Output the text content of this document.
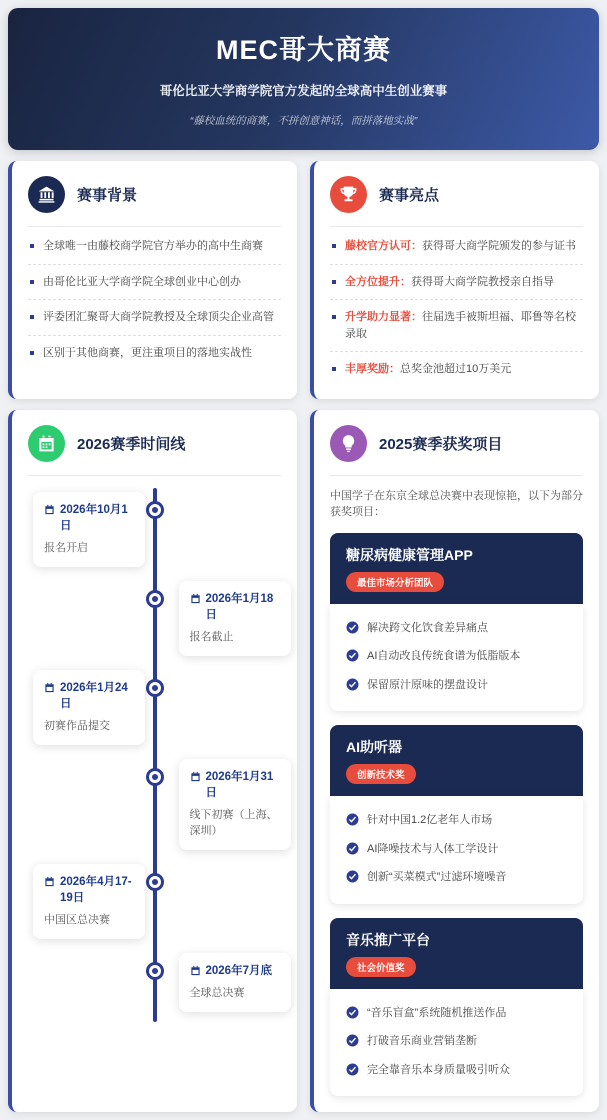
MEC哥大商赛
哥伦比亚大学商学院官方发起的全球高中生创业赛事
“藤校血统的商赛，不拼创意神话，而拼落地实战”
赛事背景
全球唯一由藤校商学院官方举办的高中生商赛
由哥伦比亚大学商学院全球创业中心创办
评委团汇聚哥大商学院教授及全球顶尖企业高管
区别于其他商赛，更注重项目的落地实战性
赛事亮点
藤校官方认可：获得哥大商学院颁发的参与证书
全方位提升：获得哥大商学院教授亲自指导
升学助力显著：往届选手被斯坦福、耶鲁等名校录取
丰厚奖励：总奖金池超过10万美元
2026赛季时间线
2026年10月1日
报名开启
2026年1月18日
报名截止
2026年1月24日
初赛作品提交
2026年1月31日
线下初赛（上海、深圳）
2026年4月17-19日
中国区总决赛
2026年7月底
全球总决赛
2025赛季获奖项目
中国学子在东京全球总决赛中表现惊艳，以下为部分获奖项目：
糖尿病健康管理APP
最佳市场分析团队
解决跨文化饮食差异痛点
AI自动改良传统食谱为低脂版本
保留原汁原味的摆盘设计
AI助听器
创新技术奖
针对中国1.2亿老年人市场
AI降噪技术与人体工学设计
创新“买菜模式”过滤环境噪音
音乐推广平台
社会价值奖
“音乐盲盒”系统随机推送作品
打破音乐商业营销垄断
完全靠音乐本身质量吸引听众
